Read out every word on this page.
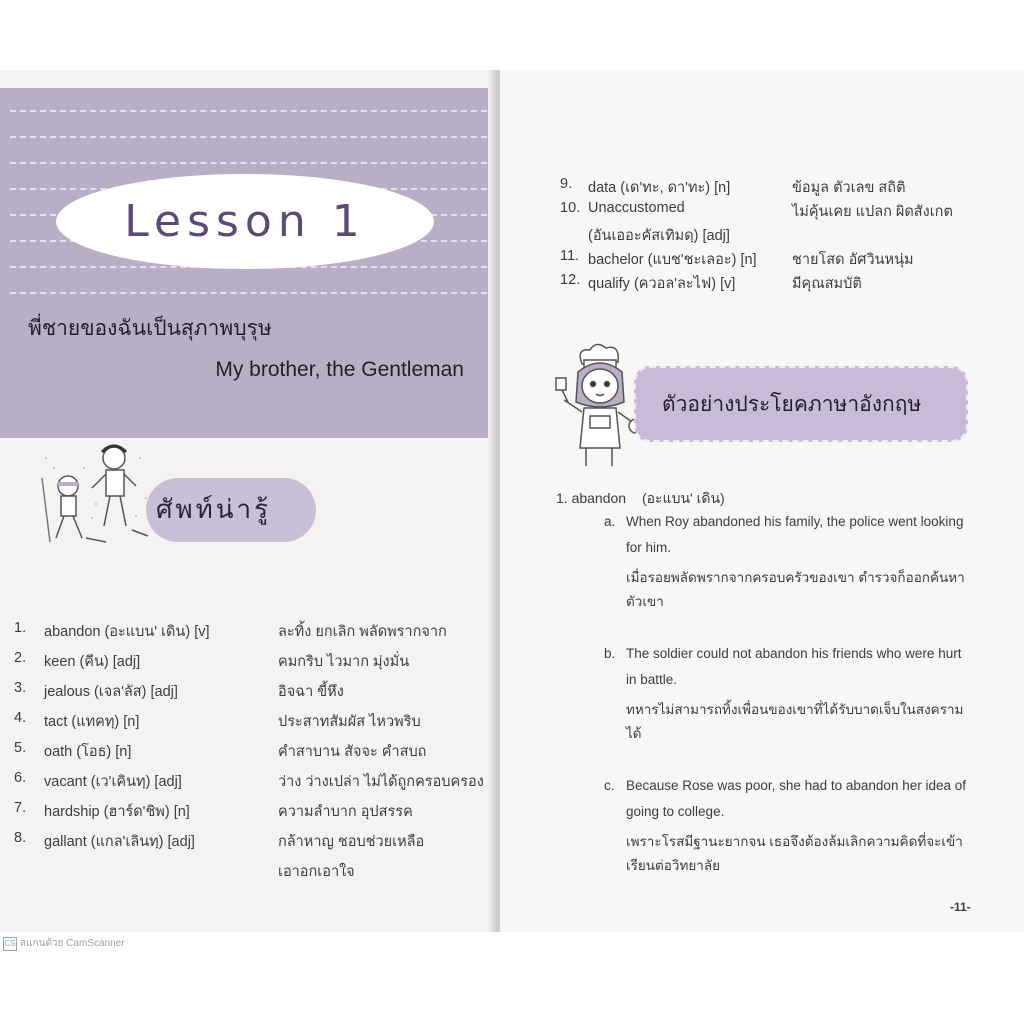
Lesson 1
พี่ชายของฉันเป็นสุภาพบุรุษ
My brother, the Gentleman
ศัพท์น่ารู้
1. abandon (อะแบน' เดิน) [v]	ละทิ้ง ยกเลิก พลัดพรากจาก
2. keen (คีน) [adj]	คมกริบ ไวมาก มุ่งมั่น
3. jealous (เจล'ลัส) [adj]	อิจฉา ขี้หึง
4. tact (แทคทฺ) [n]	ประสาทสัมผัส ไหวพริบ
5. oath (โอธ) [n]	คำสาบาน สัจจะ คำสบถ
6. vacant (เว'เคินทฺ) [adj]	ว่าง ว่างเปล่า ไม่ได้ถูกครอบครอง
7. hardship (ฮาร์ด'ชิพ) [n]	ความลำบาก อุปสรรค
8. gallant (แกล'เลินทฺ) [adj]	กล้าหาญ ชอบช่วยเหลือ
เอาอกเอาใจ
9. data (เด'ทะ, ดา'ทะ) [n]	ข้อมูล ตัวเลข สถิติ
10. Unaccustomed	ไม่คุ้นเคย แปลก ผิดสังเกต
(อันเออะคัสเทิมดฺ) [adj]
11. bachelor (แบช'ชะเลอะ) [n] ชายโสด อัศวินหนุ่ม
12. qualify (ควอล'ละไฟ) [v]	มีคุณสมบัติ
ตัวอย่างประโยคภาษาอังกฤษ
1. abandon (อะแบน' เดิน)
a. When Roy abandoned his family, the police went looking
for him.
เมื่อรอยพลัดพรากจากครอบครัวของเขา ตำรวจก็ออกค้นหา
ตัวเขา
b. The soldier could not abandon his friends who were hurt
in battle.
ทหารไม่สามารถทิ้งเพื่อนของเขาที่ได้รับบาดเจ็บในสงคราม
ได้
c. Because Rose was poor, she had to abandon her idea of
going to college.
เพราะโรสมีฐานะยากจน เธอจึงต้องล้มเลิกความคิดที่จะเข้า
เรียนต่อวิทยาลัย
-11-
CS สแกนด้วย CamScanner
